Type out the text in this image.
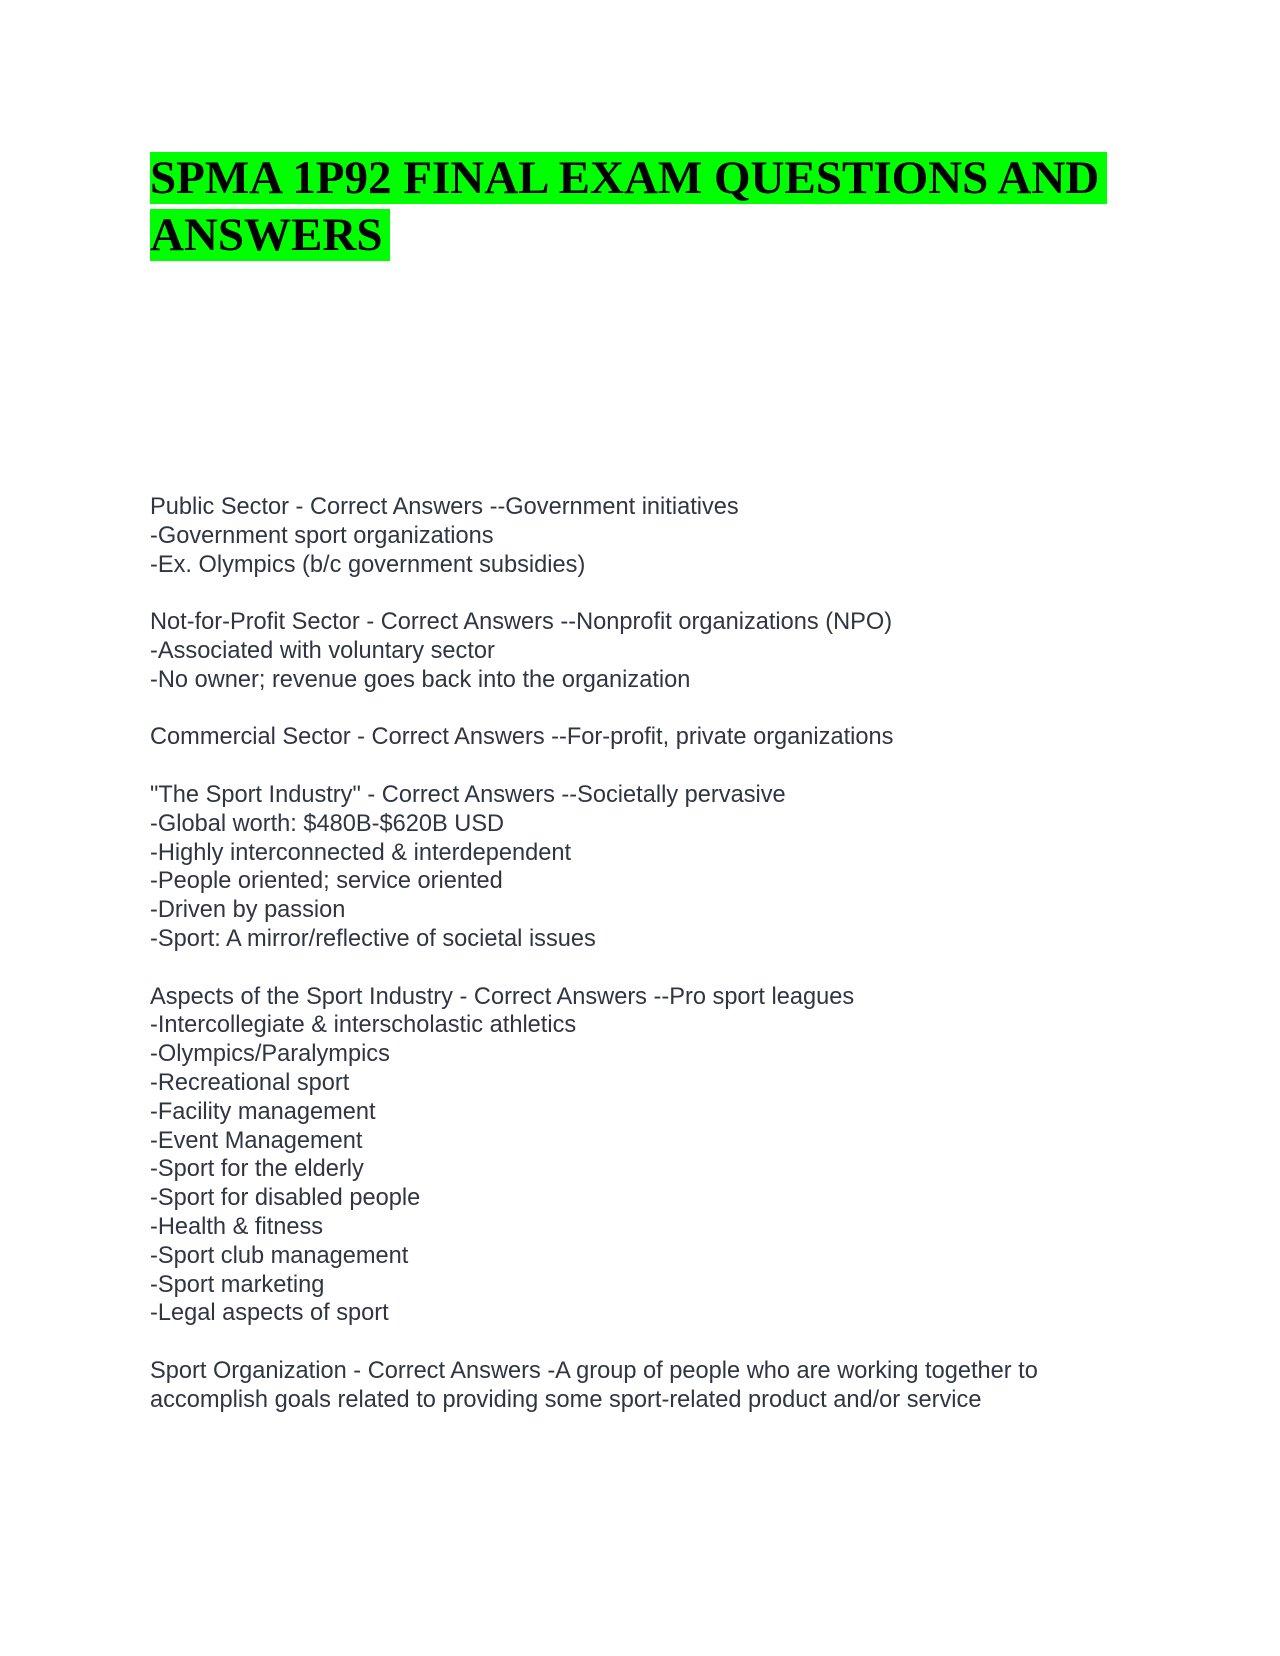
SPMA 1P92 FINAL EXAM QUESTIONS AND ANSWERS
Public Sector - Correct Answers --Government initiatives
-Government sport organizations
-Ex. Olympics (b/c government subsidies)
Not-for-Profit Sector - Correct Answers --Nonprofit organizations (NPO)
-Associated with voluntary sector
-No owner; revenue goes back into the organization
Commercial Sector - Correct Answers --For-profit, private organizations
"The Sport Industry" - Correct Answers --Societally pervasive
-Global worth: $480B-$620B USD
-Highly interconnected & interdependent
-People oriented; service oriented
-Driven by passion
-Sport: A mirror/reflective of societal issues
Aspects of the Sport Industry - Correct Answers --Pro sport leagues
-Intercollegiate & interscholastic athletics
-Olympics/Paralympics
-Recreational sport
-Facility management
-Event Management
-Sport for the elderly
-Sport for disabled people
-Health & fitness
-Sport club management
-Sport marketing
-Legal aspects of sport
Sport Organization - Correct Answers -A group of people who are working together to
accomplish goals related to providing some sport-related product and/or service
